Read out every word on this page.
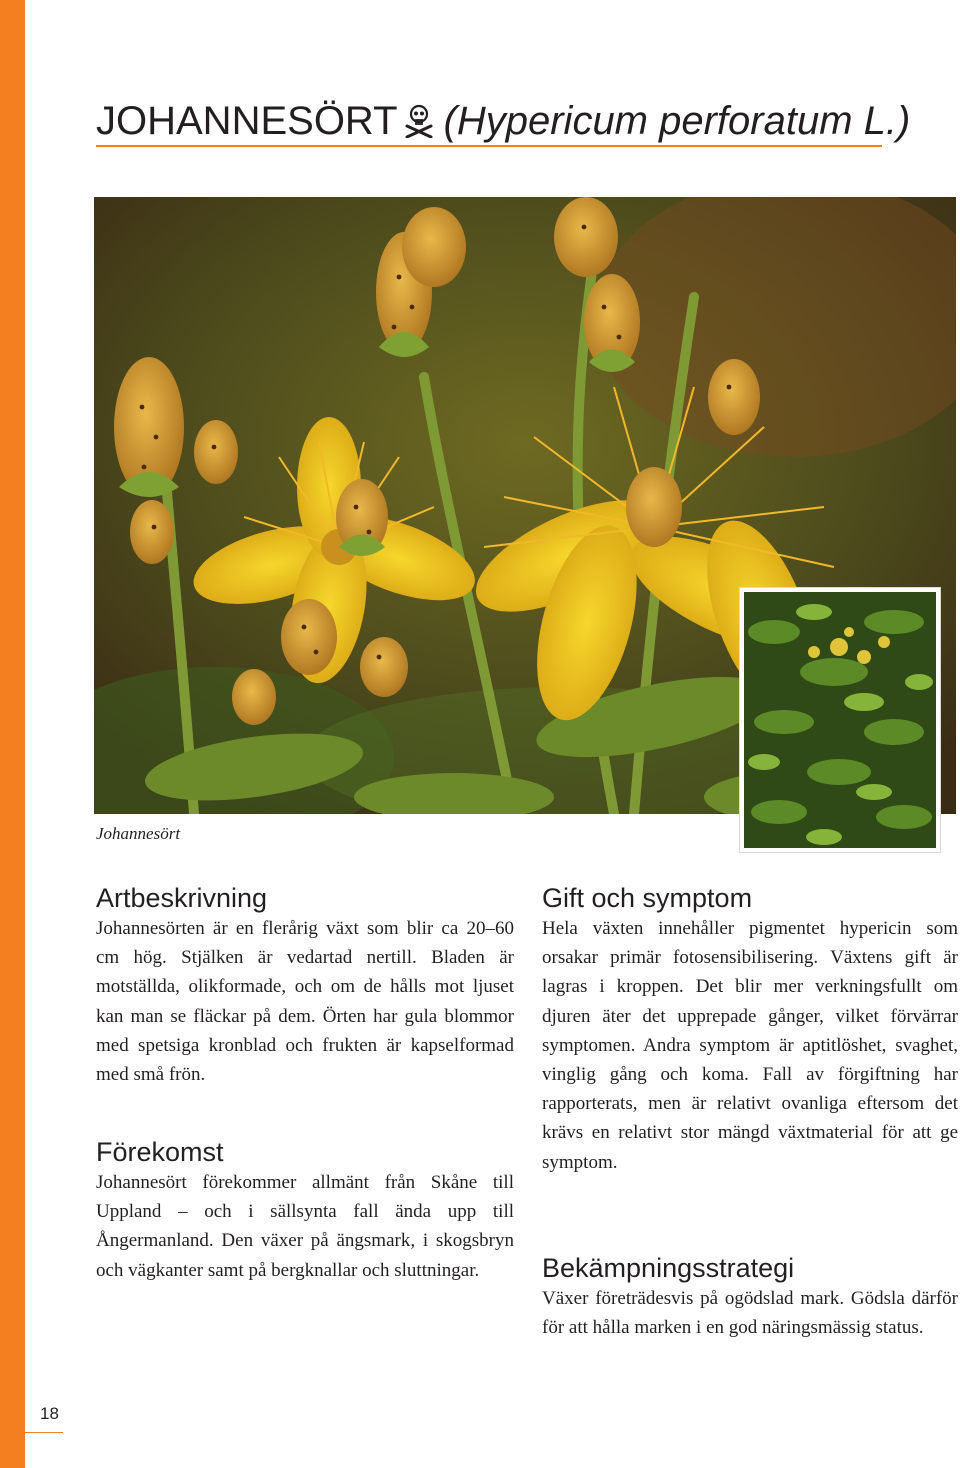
JOHANNESÖRT (Hypericum perforatum L.)
Johannesört
Artbeskrivning

Johannesörten är en flerårig växt som blir ca 20–60 cm hög. Stjälken är vedartad nertill. Bladen är motställda, olikformade, och om de hålls mot ljuset kan man se fläckar på dem. Örten har gula blommor med spetsiga kronblad och frukten är kapselformad med små frön.

Förekomst

Johannesört förekommer allmänt från Skåne till Uppland – och i sällsynta fall ända upp till Ångermanland. Den växer på ängsmark, i skogsbryn och vägkanter samt på bergknallar och sluttningar.

Gift och symptom

Hela växten innehåller pigmentet hypericin som orsakar primär fotosensibilisering. Växtens gift är lagras i kroppen. Det blir mer verkningsfullt om djuren äter det upprepade gånger, vilket förvärrar symptomen. Andra symptom är aptitlöshet, svaghet, vinglig gång och koma. Fall av förgiftning har rapporterats, men är relativt ovanliga eftersom det krävs en relativt stor mängd växtmaterial för att ge symptom.

Bekämpningsstrategi

Växer företrädesvis på ogödslad mark. Gödsla därför för att hålla marken i en god näringsmässig status.

18
